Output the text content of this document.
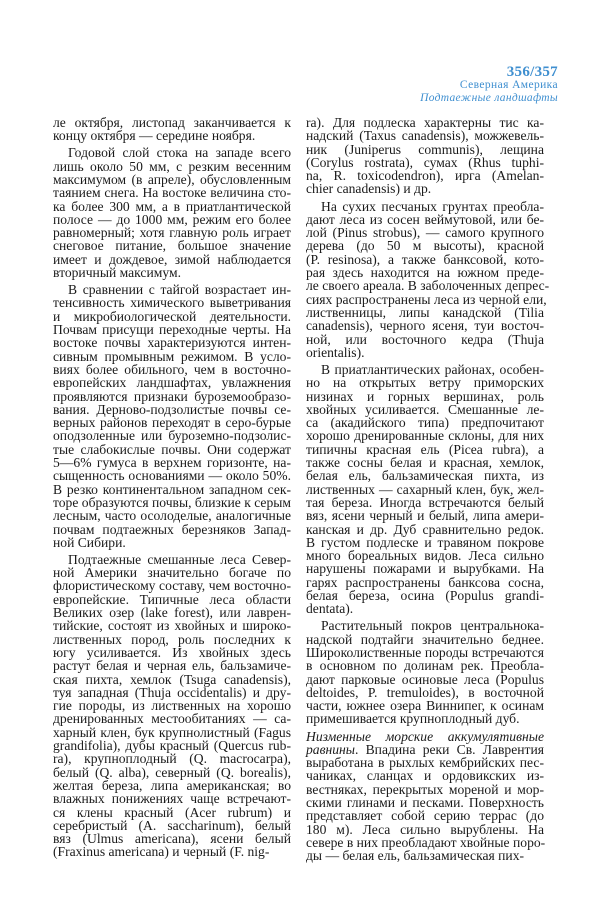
356/357
Северная Америка
Подтаежные ландшафты

ле октября, листопад заканчивается к
концу октября — середине ноября.

Годовой слой стока на западе всего
лишь около 50 мм, с резким весенним
максимумом (в апреле), обусловленным
таянием снега. На востоке величина сто-
ка более 300 мм, а в приатлантической
полосе — до 1000 мм, режим его более
равномерный; хотя главную роль играет
снеговое питание, большое значение
имеет и дождевое, зимой наблюдается
вторичный максимум.

В сравнении с тайгой возрастает ин-
тенсивность химического выветривания
и микробиологической деятельности.
Почвам присущи переходные черты. На
востоке почвы характеризуются интен-
сивным промывным режимом. В усло-
виях более обильного, чем в восточно-
европейских ландшафтах, увлажнения
проявляются признаки буроземообразо-
вания. Дерново-подзолистые почвы се-
верных районов переходят в серо-бурые
оподзоленные или буроземно-подзолис-
тые слабокислые почвы. Они содержат
5—6% гумуса в верхнем горизонте, на-
сыщенность основаниями — около 50%.
В резко континентальном западном сек-
торе образуются почвы, близкие к серым
лесным, часто осолоделые, аналогичные
почвам подтаежных березняков Запад-
ной Сибири.

Подтаежные смешанные леса Север-
ной Америки значительно богаче по
флористическому составу, чем восточно-
европейские. Типичные леса области
Великих озер (lake forest), или лаврен-
тийские, состоят из хвойных и широко-
лиственных пород, роль последних к
югу усиливается. Из хвойных здесь
растут белая и черная ель, бальзамиче-
ская пихта, хемлок (Tsuga canadensis),
туя западная (Thuja occidentalis) и дру-
гие породы, из лиственных на хорошо
дренированных местообитаниях — са-
харный клен, бук крупнолистный (Fagus
grandifolia), дубы красный (Quercus rub-
ra), крупноплодный (Q. macrocarpa),
белый (Q. alba), северный (Q. borealis),
желтая береза, липа американская; во
влажных понижениях чаще встречают-
ся клены красный (Acer rubrum) и
серебристый (A. saccharinum), белый
вяз (Ulmus americana), ясени белый
(Fraxinus americana) и черный (F. nig-

ra). Для подлеска характерны тис ка-
надский (Taxus canadensis), можжевель-
ник (Juniperus communis), лещина
(Corylus rostrata), сумах (Rhus tuphi-
na, R. toxicodendron), ирга (Amelan-
chier canadensis) и др.

На сухих песчаных грунтах преобла-
дают леса из сосен веймутовой, или бе-
лой (Pinus strobus), — самого крупного
дерева (до 50 м высоты), красной
(P. resinosa), а также банксовой, кото-
рая здесь находится на южном преде-
ле своего ареала. В заболоченных депрес-
сиях распространены леса из черной ели,
лиственницы, липы канадской (Tilia
canadensis), черного ясеня, туи восточ-
ной, или восточного кедра (Thuja
orientalis).

В приатлантических районах, особен-
но на открытых ветру приморских
низинах и горных вершинах, роль
хвойных усиливается. Смешанные ле-
са (акадийского типа) предпочитают
хорошо дренированные склоны, для них
типичны красная ель (Picea rubra), а
также сосны белая и красная, хемлок,
белая ель, бальзамическая пихта, из
лиственных — сахарный клен, бук, жел-
тая береза. Иногда встречаются белый
вяз, ясени черный и белый, липа амери-
канская и др. Дуб сравнительно редок.
В густом подлеске и травяном покрове
много бореальных видов. Леса сильно
нарушены пожарами и вырубками. На
гарях распространены банксова сосна,
белая береза, осина (Populus grandi-
dentata).

Растительный покров центральнока-
надской подтайги значительно беднее.
Широколиственные породы встречаются
в основном по долинам рек. Преобла-
дают парковые осиновые леса (Populus
deltoides, P. tremuloides), в восточной
части, южнее озера Виннипег, к осинам
примешивается крупноплодный дуб.

Низменные морские аккумулятивные
равнины. Впадина реки Св. Лаврентия
выработана в рыхлых кембрийских пес-
чаниках, сланцах и ордовикских из-
вестняках, перекрытых мореной и мор-
скими глинами и песками. Поверхность
представляет собой серию террас (до
180 м). Леса сильно вырублены. На
севере в них преобладают хвойные поро-
ды — белая ель, бальзамическая пих-
